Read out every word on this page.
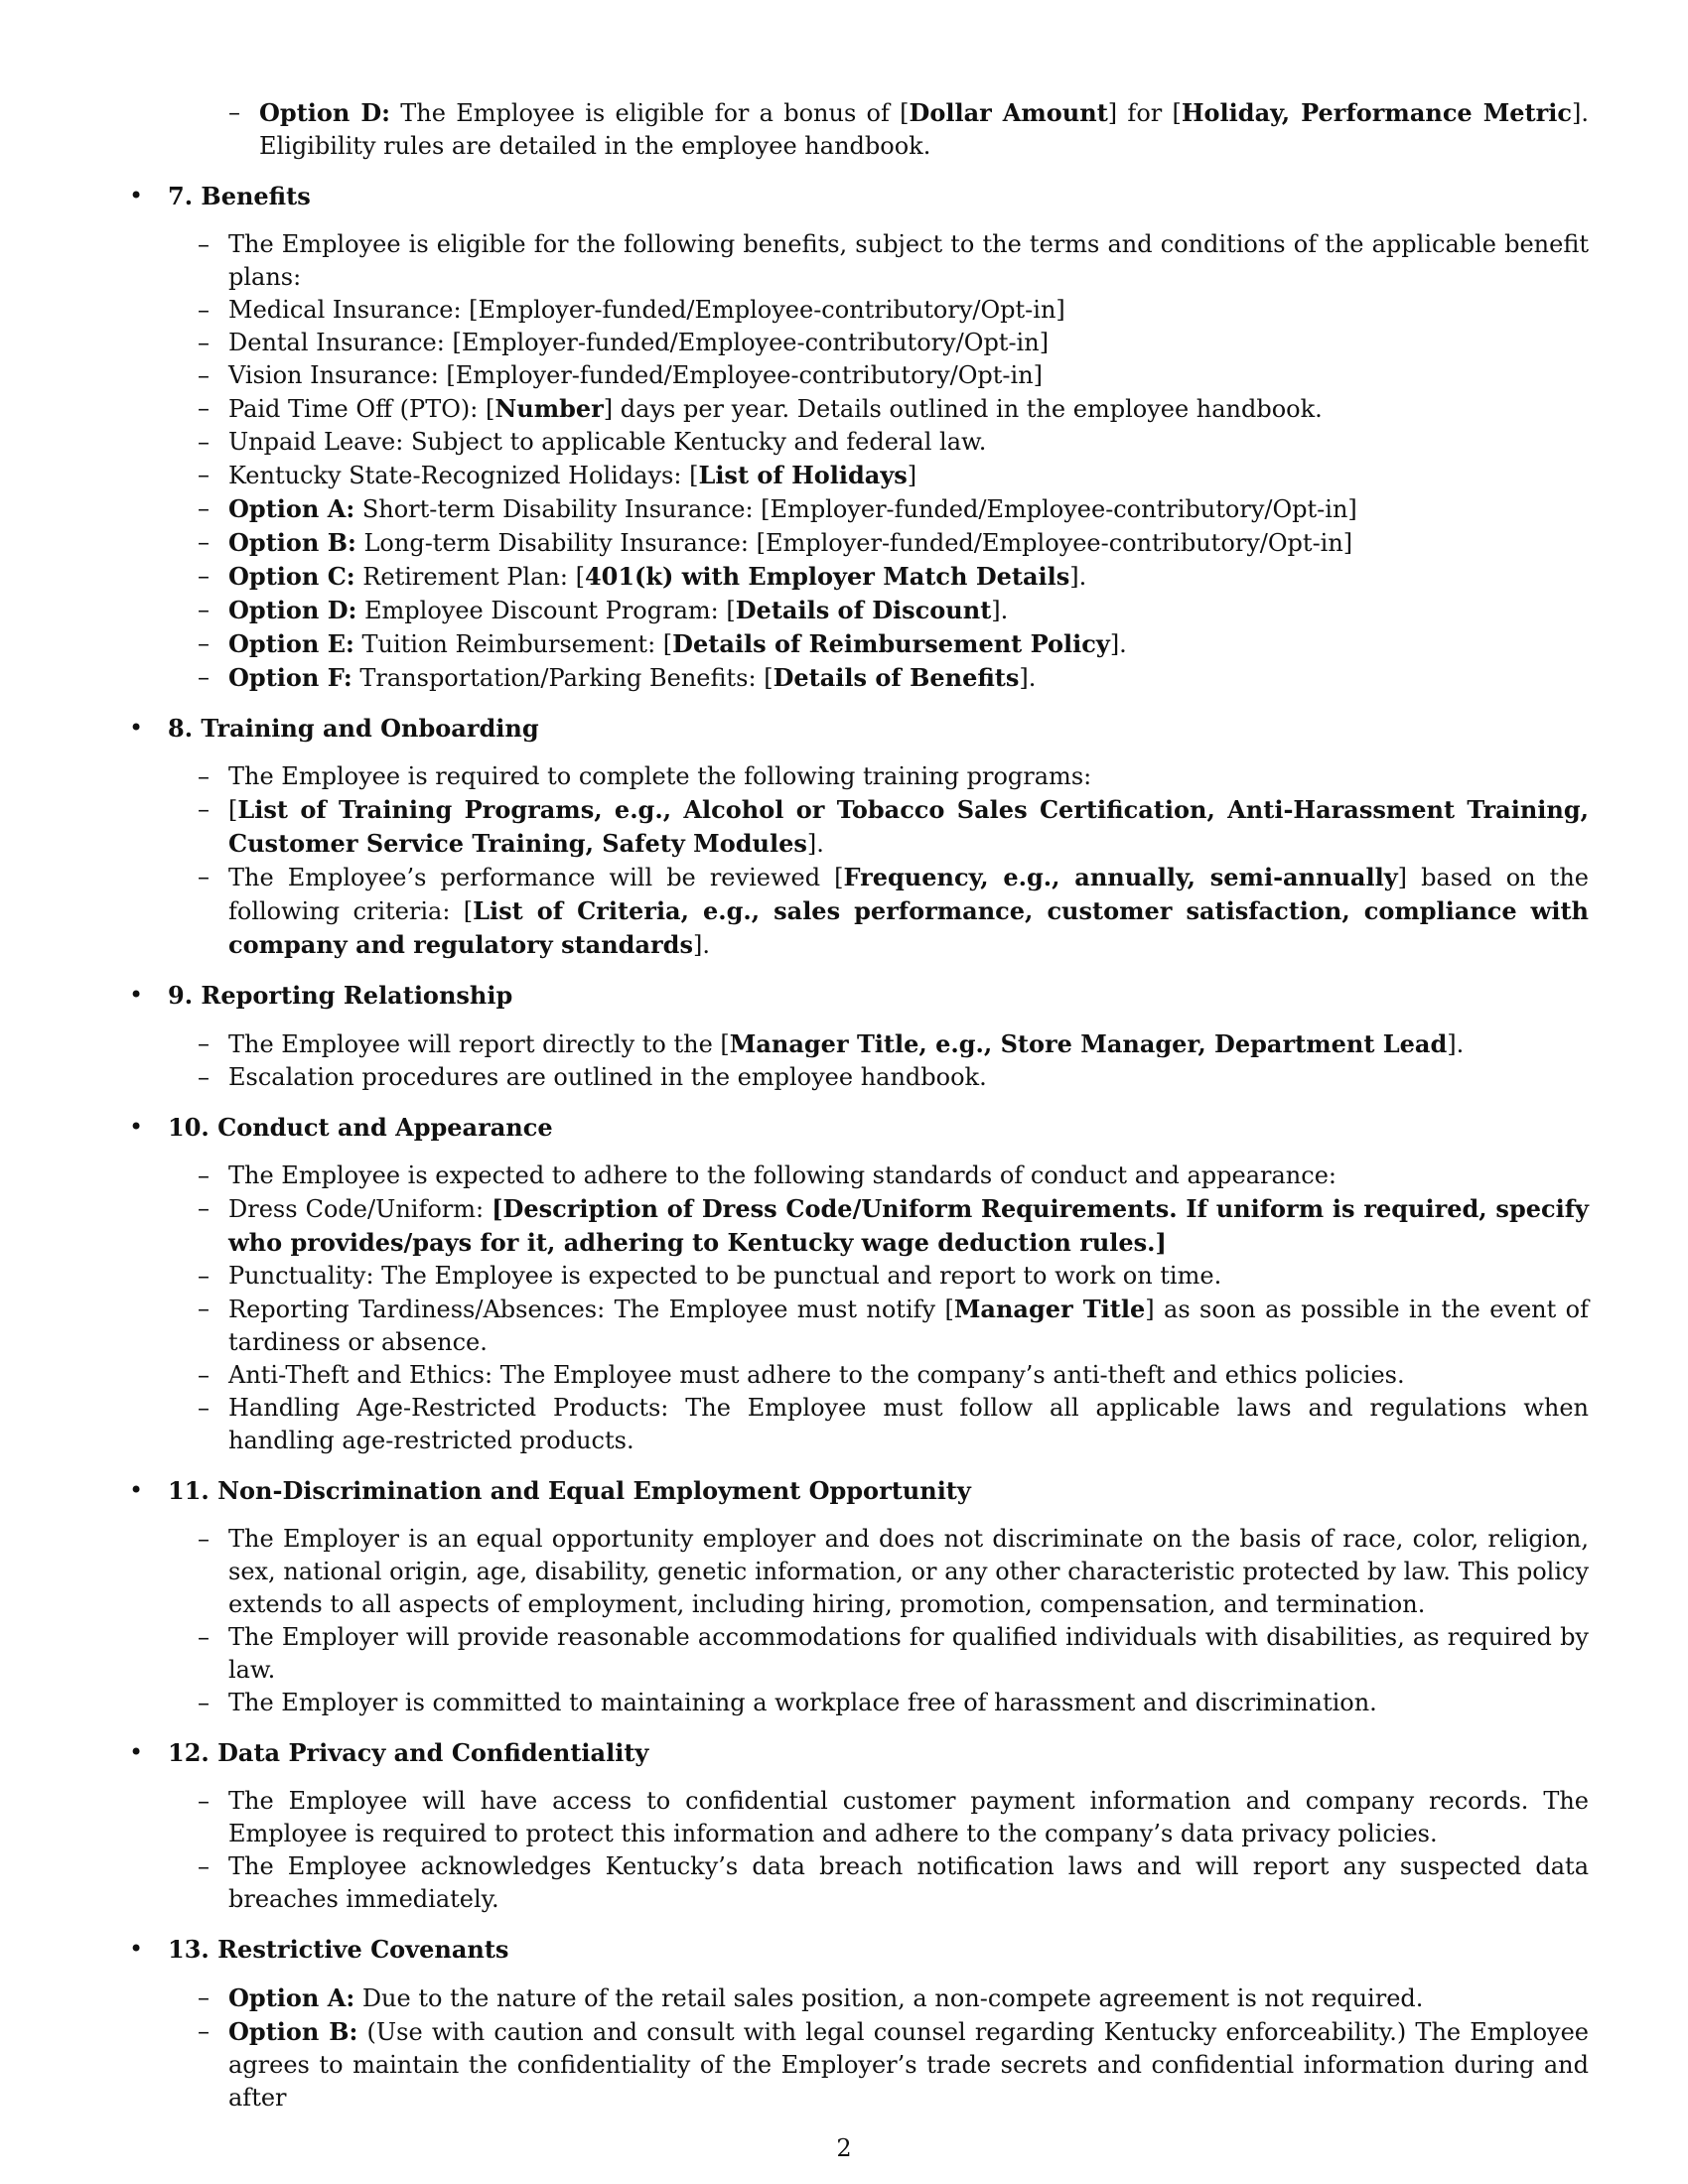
– Option D: The Employee is eligible for a bonus of [Dollar Amount] for [Holiday, Performance Metric]. Eligibility rules are detailed in the employee handbook.
•	7. Benefits
– The Employee is eligible for the following benefits, subject to the terms and conditions of the applicable benefit plans:
– Medical Insurance: [Employer-funded/Employee-contributory/Opt-in]
– Dental Insurance: [Employer-funded/Employee-contributory/Opt-in]
– Vision Insurance: [Employer-funded/Employee-contributory/Opt-in]
– Paid Time Off (PTO): [Number] days per year. Details outlined in the employee handbook.
– Unpaid Leave: Subject to applicable Kentucky and federal law.
– Kentucky State-Recognized Holidays: [List of Holidays]
– Option A: Short-term Disability Insurance: [Employer-funded/Employee-contributory/Opt-in]
– Option B: Long-term Disability Insurance: [Employer-funded/Employee-contributory/Opt-in]
– Option C: Retirement Plan: [401(k) with Employer Match Details].
– Option D: Employee Discount Program: [Details of Discount].
– Option E: Tuition Reimbursement: [Details of Reimbursement Policy].
– Option F: Transportation/Parking Benefits: [Details of Benefits].
•	8. Training and Onboarding
– The Employee is required to complete the following training programs:
– [List of Training Programs, e.g., Alcohol or Tobacco Sales Certification, Anti-Harassment Training, Customer Service Training, Safety Modules].
– The Employee’s performance will be reviewed [Frequency, e.g., annually, semi-annually] based on the following criteria: [List of Criteria, e.g., sales performance, customer satisfaction, compliance with company and regulatory standards].
•	9. Reporting Relationship
– The Employee will report directly to the [Manager Title, e.g., Store Manager, Department Lead].
– Escalation procedures are outlined in the employee handbook.
•	10. Conduct and Appearance
– The Employee is expected to adhere to the following standards of conduct and appearance:
– Dress Code/Uniform: [Description of Dress Code/Uniform Requirements. If uniform is required, specify who provides/pays for it, adhering to Kentucky wage deduction rules.]
– Punctuality: The Employee is expected to be punctual and report to work on time.
– Reporting Tardiness/Absences: The Employee must notify [Manager Title] as soon as possible in the event of tardiness or absence.
– Anti-Theft and Ethics: The Employee must adhere to the company’s anti-theft and ethics policies.
– Handling Age-Restricted Products: The Employee must follow all applicable laws and regulations when handling age-restricted products.
•	11. Non-Discrimination and Equal Employment Opportunity
– The Employer is an equal opportunity employer and does not discriminate on the basis of race, color, religion, sex, national origin, age, disability, genetic information, or any other characteristic protected by law. This policy extends to all aspects of employment, including hiring, promotion, compensation, and termination.
– The Employer will provide reasonable accommodations for qualified individuals with disabilities, as required by law.
– The Employer is committed to maintaining a workplace free of harassment and discrimination.
•	12. Data Privacy and Confidentiality
– The Employee will have access to confidential customer payment information and company records. The Employee is required to protect this information and adhere to the company’s data privacy policies.
– The Employee acknowledges Kentucky’s data breach notification laws and will report any suspected data breaches immediately.
•	13. Restrictive Covenants
– Option A: Due to the nature of the retail sales position, a non-compete agreement is not required.
– Option B: (Use with caution and consult with legal counsel regarding Kentucky enforceability.) The Employee agrees to maintain the confidentiality of the Employer’s trade secrets and confidential information during and after
2
